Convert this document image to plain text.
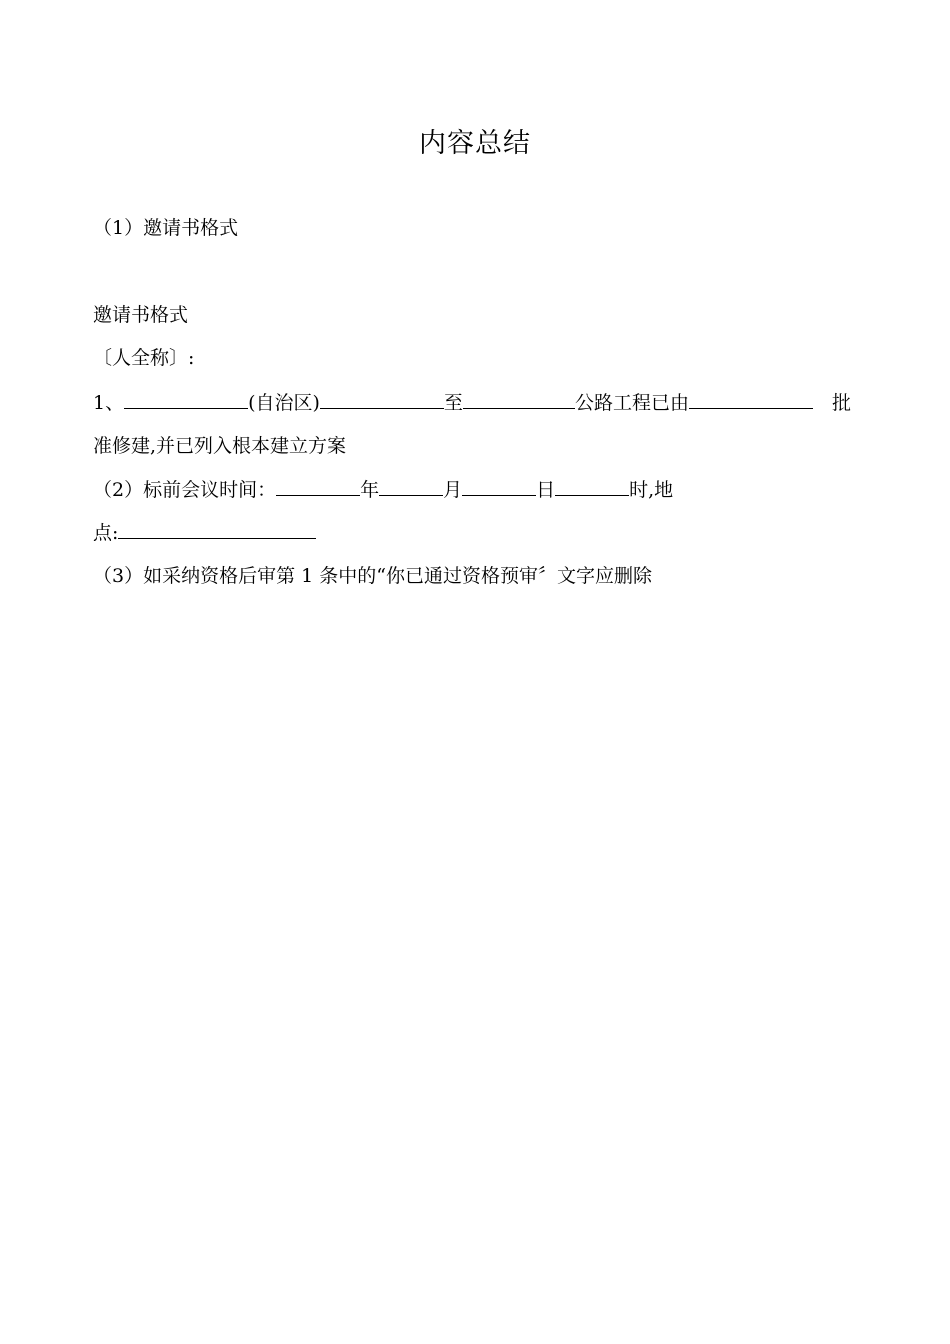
内容总结
（1）邀请书格式
邀请书格式
〔人全称〕:
1、	(自治区)	至	公路工程已由	批
准修建,并已列入根本建立方案
（2）标前会议时间：	年	月	日	时,地
点:
（3）如采纳资格后审第 1 条中的“你已通过资格预审〞文字应删除
